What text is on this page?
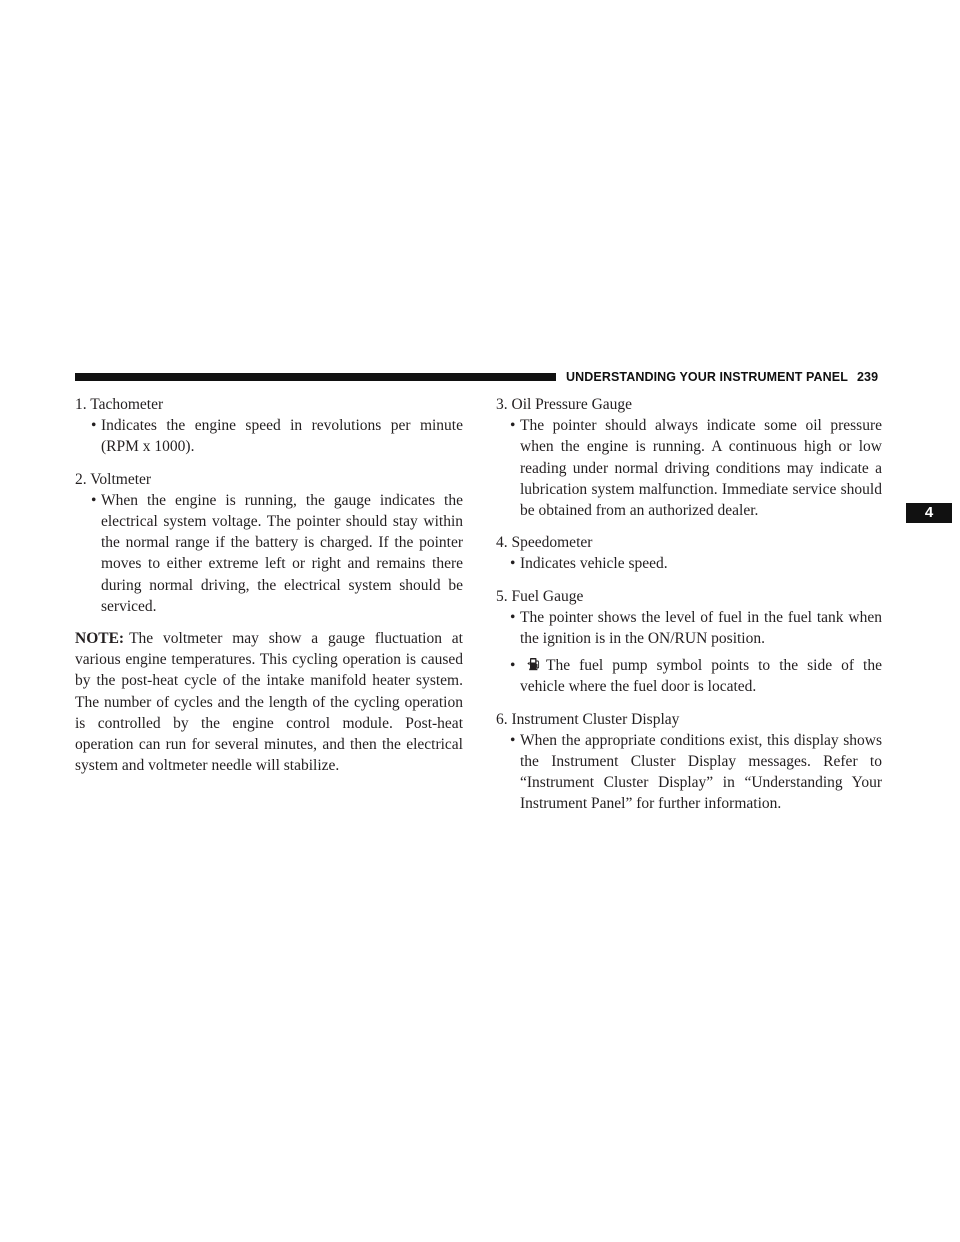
UNDERSTANDING YOUR INSTRUMENT PANEL 239
4

1. Tachometer

• Indicates the engine speed in revolutions per minute (RPM x 1000).

2. Voltmeter

• When the engine is running, the gauge indicates the electrical system voltage. The pointer should stay within the normal range if the battery is charged. If the pointer moves to either extreme left or right and remains there during normal driving, the electrical system should be serviced.

NOTE: The voltmeter may show a gauge fluctuation at various engine temperatures. This cycling operation is caused by the post-heat cycle of the intake manifold heater system. The number of cycles and the length of the cycling operation is controlled by the engine control module. Post-heat operation can run for several minutes, and then the electrical system and voltmeter needle will stabilize.

3. Oil Pressure Gauge

• The pointer should always indicate some oil pressure when the engine is running. A continuous high or low reading under normal driving conditions may indicate a lubrication system malfunction. Immediate service should be obtained from an authorized dealer.

4. Speedometer

• Indicates vehicle speed.

5. Fuel Gauge

• The pointer shows the level of fuel in the fuel tank when the ignition is in the ON/RUN position.

• The fuel pump symbol points to the side of the vehicle where the fuel door is located.

6. Instrument Cluster Display

• When the appropriate conditions exist, this display shows the Instrument Cluster Display messages. Refer to “Instrument Cluster Display” in “Understanding Your Instrument Panel” for further information.
